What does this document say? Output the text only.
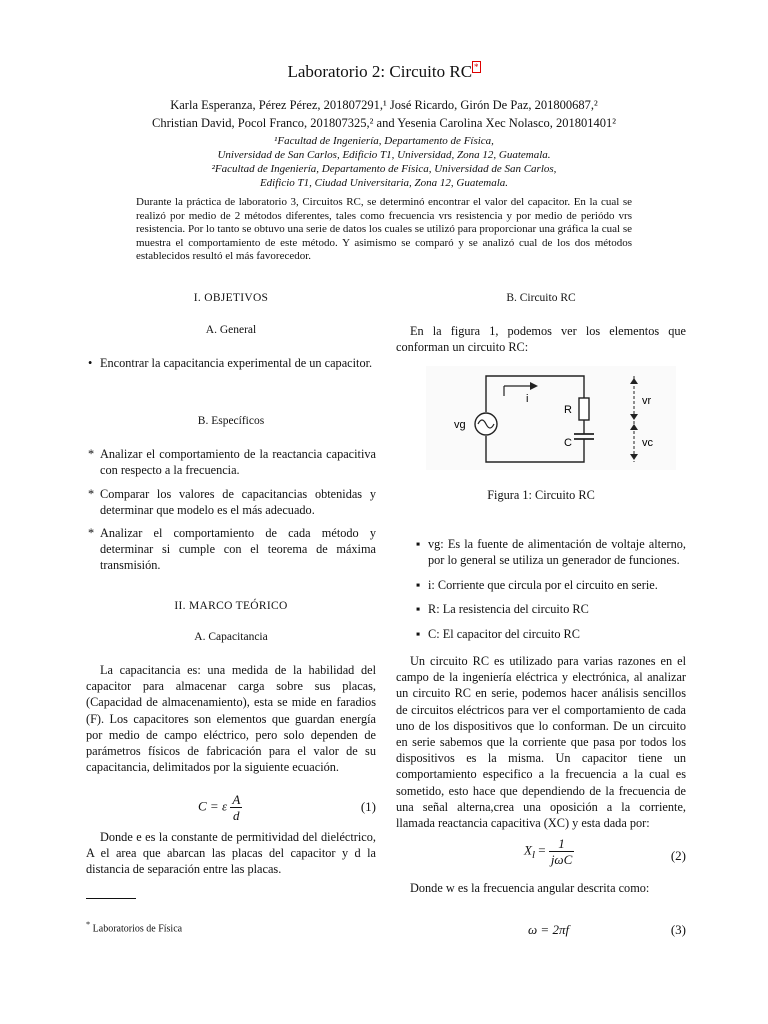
Laboratorio 2: Circuito RC *
Karla Esperanza, Pérez Pérez, 201807291,¹ José Ricardo, Girón De Paz, 201800687,²
Christian David, Pocol Franco, 201807325,² and Yesenia Carolina Xec Nolasco, 201801401²
¹Facultad de Ingeniería, Departamento de Física,
Universidad de San Carlos, Edificio T1, Universidad, Zona 12, Guatemala.
²Facultad de Ingeniería, Departamento de Física, Universidad de San Carlos,
Edificio T1, Ciudad Universitaria, Zona 12, Guatemala.
Durante la práctica de laboratorio 3, Circuitos RC, se determinó encontrar el valor del capacitor. En la cual se realizó por medio de 2 métodos diferentes, tales como frecuencia vrs resistencia y por medio de periódo vrs resistencia. Por lo tanto se obtuvo una serie de datos los cuales se utilizó para proporcionar una gráfica la cual se muestra el comportamiento de este método. Y asimismo se comparó y se analizó cual de los dos métodos establecidos resultó el más favorecedor.
I. OBJETIVOS
A. General
• Encontrar la capacitancia experimental de un capacitor.
B. Específicos
* Analizar el comportamiento de la reactancia capacitiva con respecto a la frecuencia.
* Comparar los valores de capacitancias obtenidas y determinar que modelo es el más adecuado.
* Analizar el comportamiento de cada método y determinar si cumple con el teorema de máxima transmisión.
II. MARCO TEÓRICO
A. Capacitancia
La capacitancia es: una medida de la habilidad del capacitor para almacenar carga sobre sus placas, (Capacidad de almacenamiento), esta se mide en faradios (F). Los capacitores son elementos que guardan energía por medio de campo eléctrico, pero solo dependen de parámetros físicos de fabricación para el valor de su capacitancia, delimitados por la siguiente ecuación.
C = ε $\frac{A}{d}$	(1)
Donde e es la constante de permitividad del dieléctrico, A el area que abarcan las placas del capacitor y d la distancia de separación entre las placas.
* Laboratorios de Física
B. Circuito RC
En la figura 1, podemos ver los elementos que conforman un circuito RC:
vg
i
R
C
vr
vc
Figura 1: Circuito RC
▪ vg: Es la fuente de alimentación de voltaje alterno, por lo general se utiliza un generador de funciones.
▪ i: Corriente que circula por el circuito en serie.
▪ R: La resistencia del circuito RC
▪ C: El capacitor del circuito RC
Un circuito RC es utilizado para varias razones en el campo de la ingeniería eléctrica y electrónica, al analizar un circuito RC en serie, podemos hacer análisis sencillos de circuitos eléctricos para ver el comportamiento de cada uno de los dispositivos que lo conforman. De un circuito en serie sabemos que la corriente que pasa por todos los dispositivos es la misma. Un capacitor tiene un comportamiento especifico a la frecuencia a la cual es sometido, esto hace que dependiendo de la frecuencia de una señal alterna,crea una oposición a la corriente, llamada reactancia capacitiva (XC) y esta dada por:
$X_l = \frac{1}{\text{jωC}}$	(2)
Donde w es la frecuencia angular descrita como:
ω = 2πf	(3)
